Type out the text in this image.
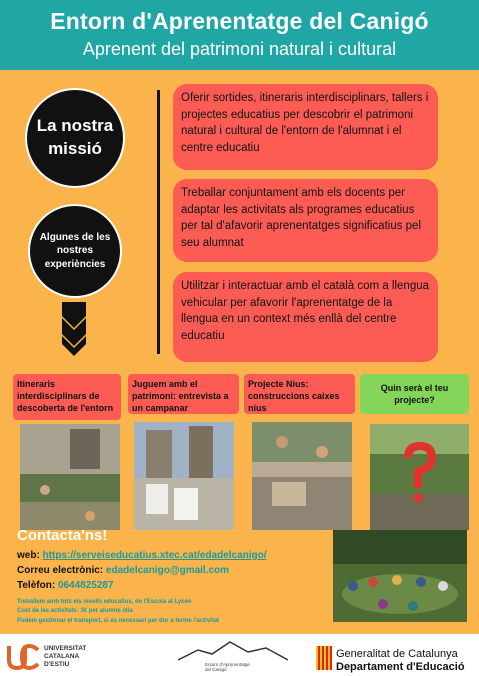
Entorn d'Aprenentatge del Canigó
Aprenent del patrimoni natural i cultural
La nostra
missió
Oferir sortides, itineraris interdisciplinars, tallers i projectes educatius per descobrir el patrimoni natural i cultural de l'entorn de l'alumnat i el centre educatiu
Treballar conjuntament amb els docents per adaptar les activitats als programes educatius per tal d'afavorir aprenentatges significatius pel seu alumnat
Utilitzar i interactuar amb el català com a llengua vehicular per afavorir l'aprenentatge de la llengua en un context més enllà del centre educatiu
Algunes de les
nostres
experiències
Itineraris interdisciplinars de descoberta de l'entorn
Juguem amb el patrimoni: entrevista a un campanar
Projecte Nius: construccions caixes nius
Quin serà el teu projecte?
Contacta'ns!
web: https://serveiseducatius.xtec.cat/edadelcanigo/
Correu electrònic: edadelcanigo@gmail.com
Telèfon: 0644825287
Treballem amb tots els nivells educatius, de l'Escola al Lycée
Cost de les activitats: 3€ per alumne /dia
Podem gestionar el transport, si és necessari per dur a terme l'activitat
UNIVERSITAT
CATALANA
D'ESTIU	Entorn d'Aprenentatge
del Canigó
Generalitat de Catalunya
Departament d'Educació
